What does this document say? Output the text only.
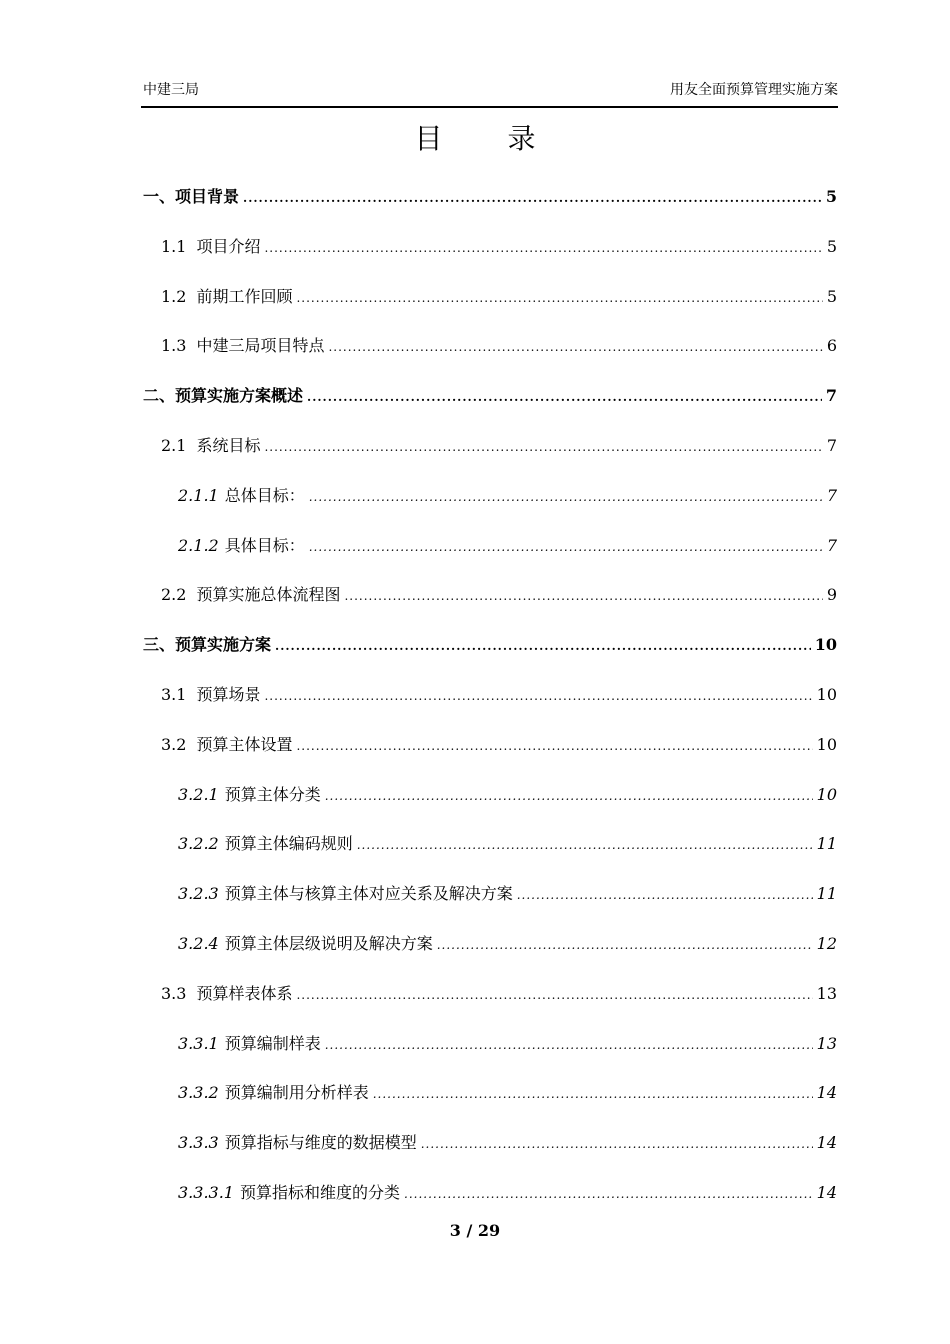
中建三局	用友全面预算管理实施方案
目 录
一、项目背景 .....	5
1.1 项目介绍 .....	5
1.2 前期工作回顾 .....	5
1.3 中建三局项目特点 .....	6
二、预算实施方案概述 .....	7
2.1 系统目标 .....	7
2.1.1 总体目标： .....	7
2.1.2 具体目标： .....	7
2.2 预算实施总体流程图 .....	9
三、预算实施方案 .....	10
3.1 预算场景 .....	10
3.2 预算主体设置 .....	10
3.2.1 预算主体分类 .....	10
3.2.2 预算主体编码规则 .....	11
3.2.3 预算主体与核算主体对应关系及解决方案 .....	11
3.2.4 预算主体层级说明及解决方案 .....	12
3.3 预算样表体系 .....	13
3.3.1 预算编制样表 .....	13
3.3.2 预算编制用分析样表 .....	14
3.3.3 预算指标与维度的数据模型 .....	14
3.3.3.1 预算指标和维度的分类 .....	14
3 / 29
